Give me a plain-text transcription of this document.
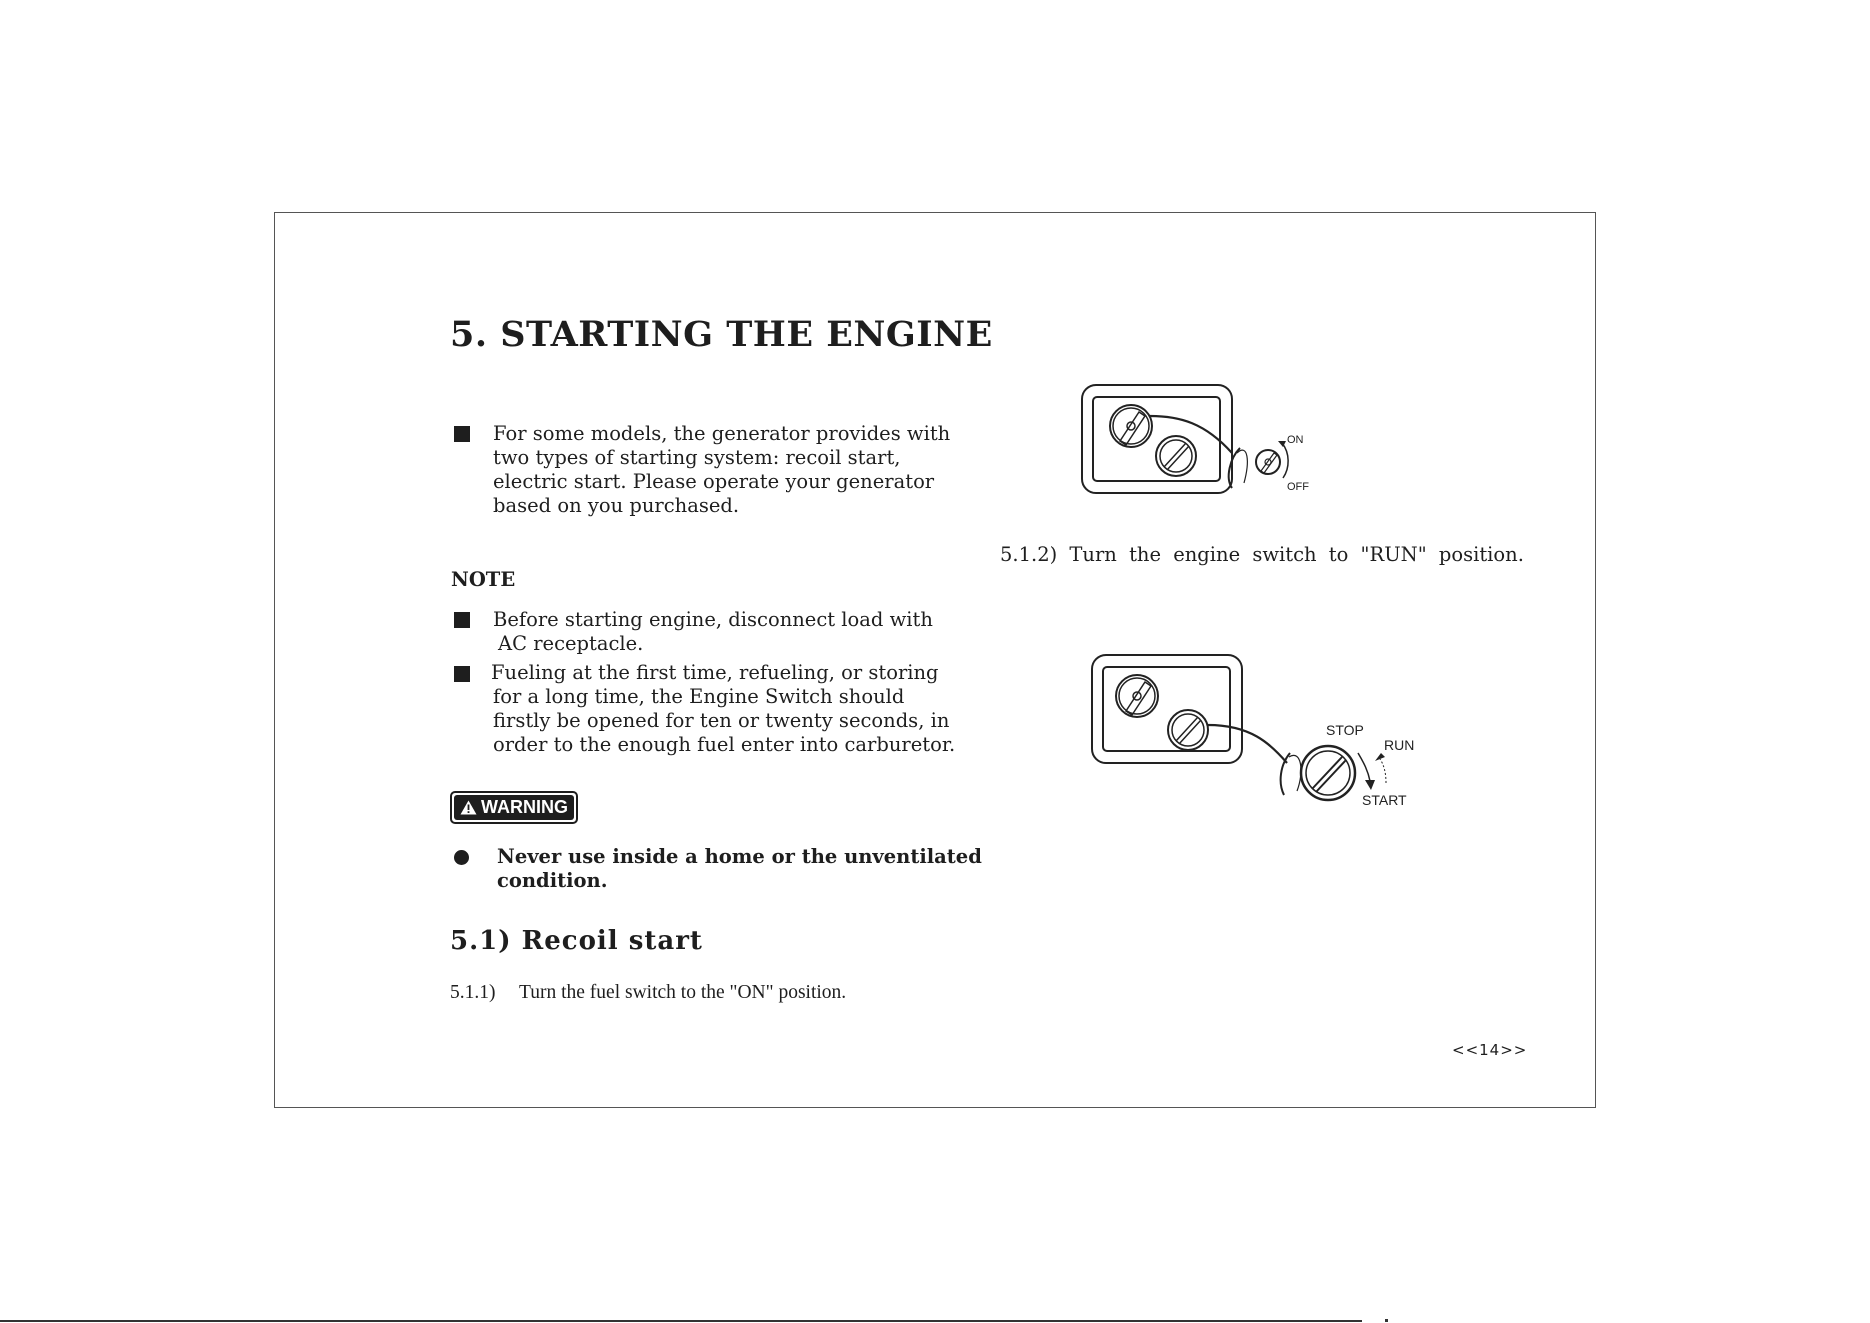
5. STARTING THE ENGINE
For some models, the generator provides with
two types of starting system: recoil start,
electric start. Please operate your generator
based on you purchased.
NOTE
Before starting engine, disconnect load with
AC receptacle.
Fueling at the first time, refueling, or storing
for a long time, the Engine Switch should
firstly be opened for ten or twenty seconds, in
order to the enough fuel enter into carburetor.
WARNING
Never use inside a home or the unventilated
condition.
5.1) Recoil start
5.1.1) Turn the fuel switch to the "ON" position.
5.1.2) Turn the engine switch to "RUN" position.
ON
OFF
STOP
RUN
START
<<14>>
